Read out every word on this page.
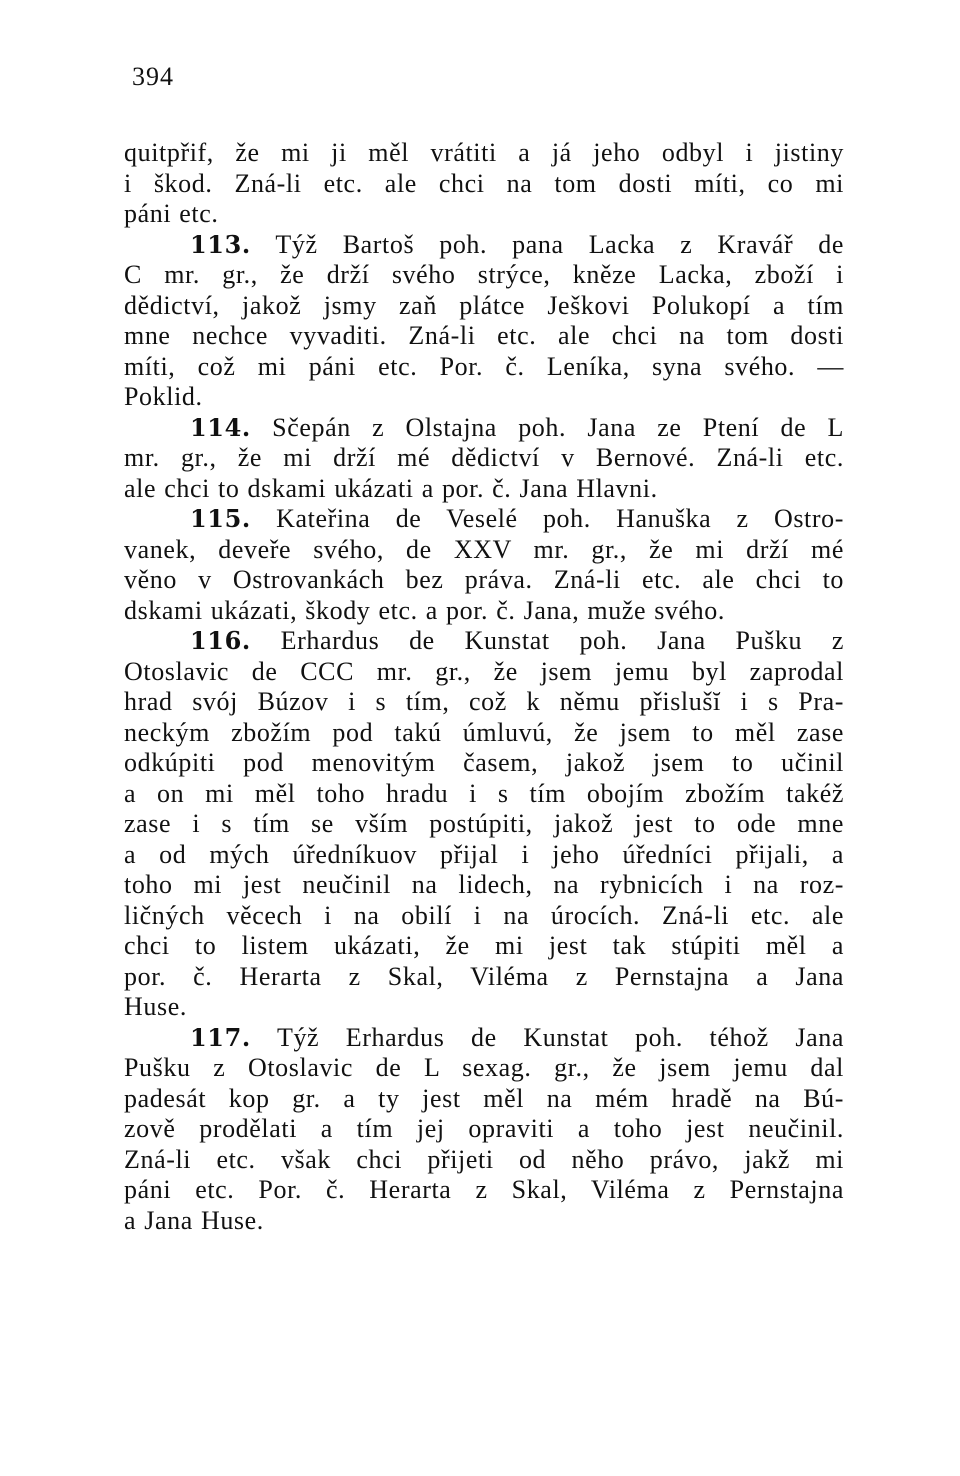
394
quitpřif, že mi ji měl vrátiti a já jeho odbyl i jistiny
i škod. Zná-li etc. ale chci na tom dosti míti, co mi
páni etc.
113. Týž Bartoš poh. pana Lacka z Kravář de
C mr. gr., že drží svého strýce, kněze Lacka, zboží i
dědictví, jakož jsmy zaň plátce Ješkovi Polukopí a tím
mne nechce vyvaditi. Zná-li etc. ale chci na tom dosti
míti, což mi páni etc. Por. č. Leníka, syna svého. —
Poklid.
114. Sčepán z Olstajna poh. Jana ze Ptení de L
mr. gr., že mi drží mé dědictví v Bernové. Zná-li etc.
ale chci to dskami ukázati a por. č. Jana Hlavni.
115. Kateřina de Veselé poh. Hanuška z Ostro-
vanek, deveře svého, de XXV mr. gr., že mi drží mé
věno v Ostrovankách bez práva. Zná-li etc. ale chci to
dskami ukázati, škody etc. a por. č. Jana, muže svého.
116. Erhardus de Kunstat poh. Jana Pušku z
Otoslavic de CCC mr. gr., že jsem jemu byl zaprodal
hrad svój Búzov i s tím, což k němu přislušĭ i s Pra-
neckým zbožím pod takú úmluvú, že jsem to měl zase
odkúpiti pod menovitým časem, jakož jsem to učinil
a on mi měl toho hradu i s tím obojím zbožím takéž
zase i s tím se vším postúpiti, jakož jest to ode mne
a od mých úředníkuov přijal i jeho úředníci přijali, a
toho mi jest neučinil na lidech, na rybnicích i na roz-
ličných věcech i na obilí i na úrocích. Zná-li etc. ale
chci to listem ukázati, že mi jest tak stúpiti měl a
por. č. Herarta z Skal, Viléma z Pernstajna a Jana
Huse.
117. Týž Erhardus de Kunstat poh. téhož Jana
Pušku z Otoslavic de L sexag. gr., že jsem jemu dal
padesát kop gr. a ty jest měl na mém hradě na Bú-
zově prodělati a tím jej opraviti a toho jest neučinil.
Zná-li etc. však chci přijeti od něho právo, jakž mi
páni etc. Por. č. Herarta z Skal, Viléma z Pernstajna
a Jana Huse.
